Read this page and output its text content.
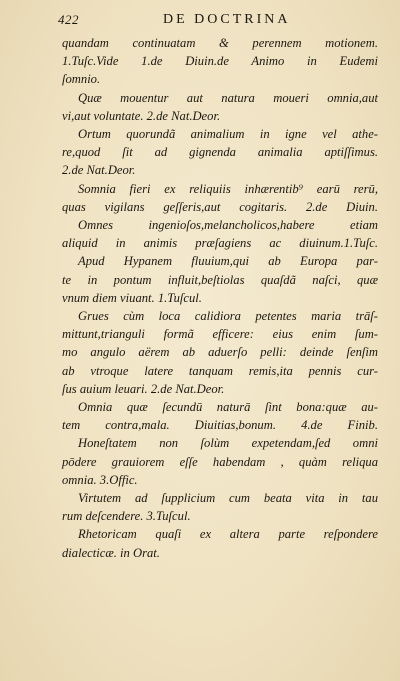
422	DE DOCTRINA
quandam continuatam & perennem motionem.
1.Tuſc.Vide 1.de Diuin.de Animo in Eudemi
ſomnio.
Quæ mouentur aut natura moueri omnia,aut
vi,aut voluntate. 2.de Nat.Deor.
Ortum quorundã animalium in igne vel athe-
re,quod ſit ad gignenda animalia aptiſſimus.
2.de Nat.Deor.
Somnia fieri ex reliquiis inhærentib⁹ earū rerū,
quas vigilans geſſeris,aut cogitaris. 2.de Diuin.
Omnes ingenioſos,melancholicos,habere etiam
aliquid in animis præſagiens ac diuinum.1.Tuſc.
Apud Hypanem fluuium,qui ab Europa par-
te in pontum influit,beſtiolas quaſdã naſci, quæ
vnum diem viuant. 1.Tuſcul.
Grues cùm loca calidiora petentes maria trāſ-
mittunt,trianguli formã efficere: eius enim ſum-
mo angulo aërem ab aduerſo pelli: deinde ſenſim
ab vtroque latere tanquam remis,ita pennis cur-
ſus auium leuari. 2.de Nat.Deor.
Omnia quæ ſecundū naturā ſint bona:quæ au-
tem contra,mala. Diuitias,bonum. 4.de Finib.
Honeſtatem non ſolùm expetendam,ſed omni
pōdere grauiorem eſſe habendam , quàm reliqua
omnia. 3.Offic.
Virtutem ad ſupplicium cum beata vita in tau
rum deſcendere. 3.Tuſcul.
Rhetoricam quaſi ex altera parte reſpondere
dialecticæ. in Orat.
